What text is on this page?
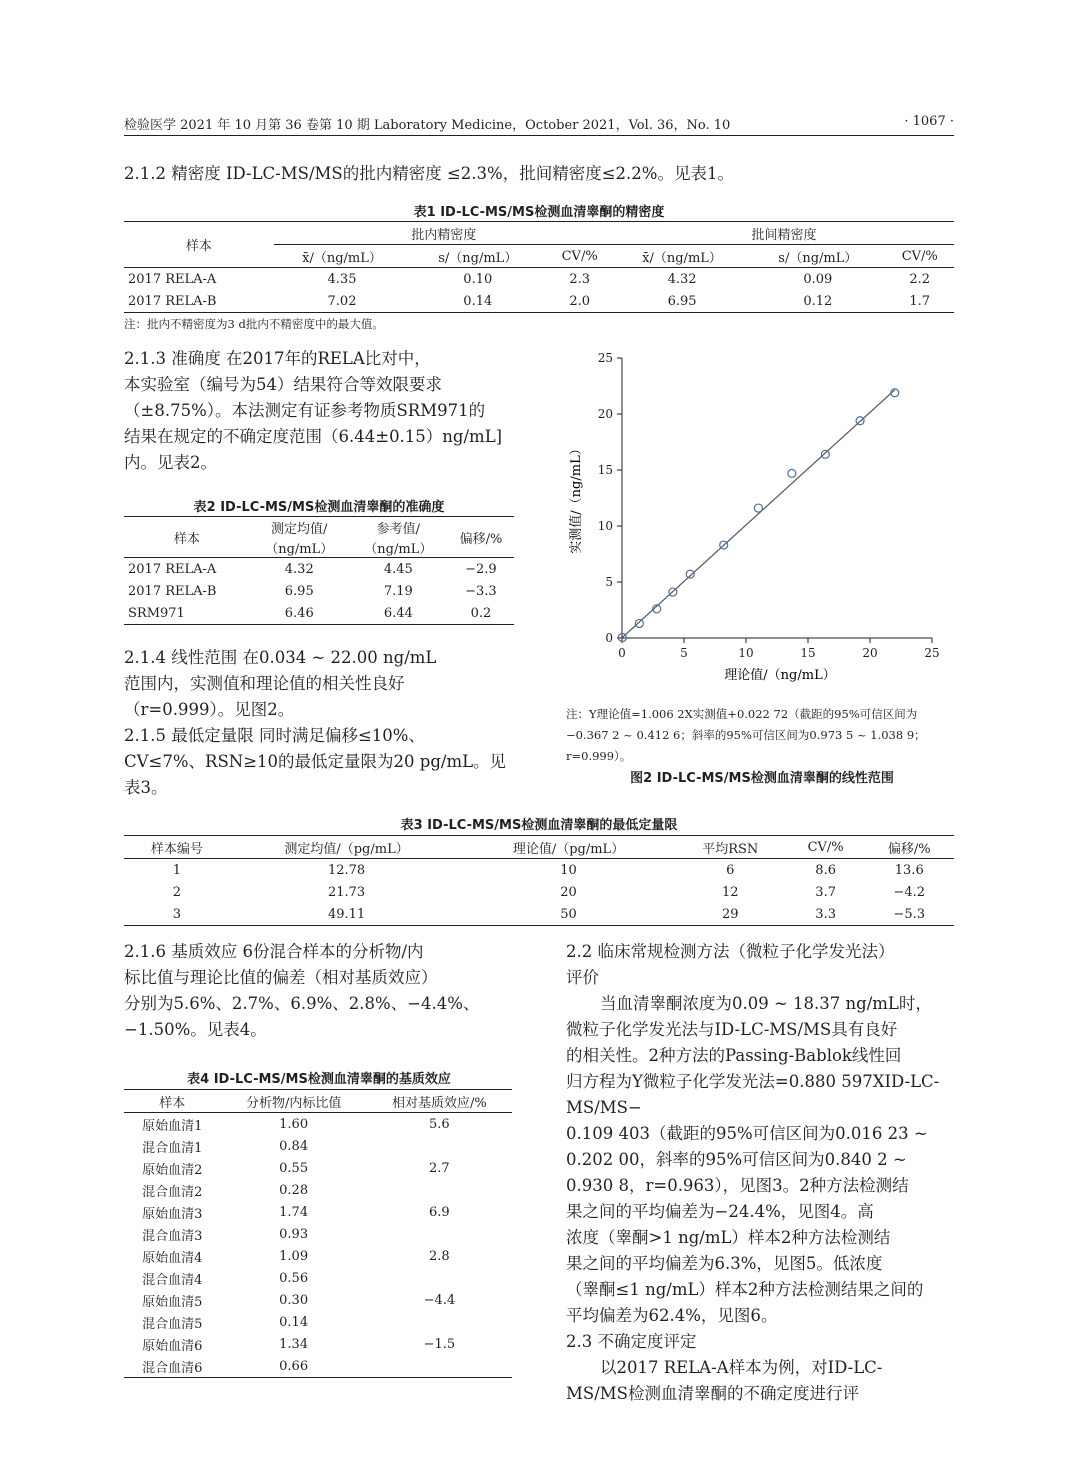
检验医学 2021 年 10 月第 36 卷第 10 期 Laboratory Medicine，October 2021，Vol. 36，No. 10	· 1067 ·
2.1.2 精密度 ID-LC-MS/MS的批内精密度 ≤2.3%，批间精密度≤2.2%。见表1。
表1 ID-LC-MS/MS检测血清睾酮的精密度
样本	批内精密度			批间精密度		
	x̄/（ng/mL）	s/（ng/mL）	CV/%	x̄/（ng/mL）	s/（ng/mL）	CV/%
2017 RELA-A	4.35	0.10	2.3	4.32	0.09	2.2
2017 RELA-B	7.02	0.14	2.0	6.95	0.12	1.7
注：批内不精密度为3 d批内不精密度中的最大值。
2.1.3 准确度 在2017年的RELA比对中，
本实验室（编号为54）结果符合等效限要求
（±8.75%）。本法测定有证参考物质SRM971的
结果在规定的不确定度范围（6.44±0.15）ng/mL]
内。见表2。
表2 ID-LC-MS/MS检测血清睾酮的准确度
样本	测定均值/	参考值/	偏移/%
	（ng/mL）	（ng/mL）	
2017 RELA-A	4.32	4.45	−2.9
2017 RELA-B	6.95	7.19	−3.3
SRM971	6.46	6.44	0.2
2.1.4 线性范围 在0.034 ~ 22.00 ng/mL
范围内，实测值和理论值的相关性良好
（r=0.999）。见图2。
2.1.5 最低定量限 同时满足偏移≤10%、
CV≤7%、RSN≥10的最低定量限为20 pg/mL。见
表3。
0	5	10	15	20	25
0
5
10
15
20
25
理论值/（ng/mL）
实测值/（ng/mL）
注：Y理论值=1.006 2X实测值+0.022 72（截距的95%可信区间为
−0.367 2 ~ 0.412 6；斜率的95%可信区间为0.973 5 ~ 1.038 9；
r=0.999）。
图2 ID-LC-MS/MS检测血清睾酮的线性范围
表3 ID-LC-MS/MS检测血清睾酮的最低定量限
样本编号	测定均值/（pg/mL）	理论值/（pg/mL）	平均RSN	CV/%	偏移/%
1	12.78	10	6	8.6	13.6
2	21.73	20	12	3.7	−4.2
3	49.11	50	29	3.3	−5.3
2.1.6 基质效应 6份混合样本的分析物/内
标比值与理论比值的偏差（相对基质效应）
分别为5.6%、2.7%、6.9%、2.8%、−4.4%、
−1.50%。见表4。
表4 ID-LC-MS/MS检测血清睾酮的基质效应
样本	分析物/内标比值	相对基质效应/%
原始血清1	1.60	5.6
混合血清1	0.84	
原始血清2	0.55	2.7
混合血清2	0.28	
原始血清3	1.74	6.9
混合血清3	0.93	
原始血清4	1.09	2.8
混合血清4	0.56	
原始血清5	0.30	−4.4
混合血清5	0.14	
原始血清6	1.34	−1.5
混合血清6	0.66	
2.2 临床常规检测方法（微粒子化学发光法）
评价
当血清睾酮浓度为0.09 ~ 18.37 ng/mL时，
微粒子化学发光法与ID-LC-MS/MS具有良好
的相关性。2种方法的Passing-Bablok线性回
归方程为Y微粒子化学发光法=0.880 597XID-LC-MS/MS−
0.109 403（截距的95%可信区间为0.016 23 ~
0.202 00，斜率的95%可信区间为0.840 2 ~
0.930 8，r=0.963），见图3。2种方法检测结
果之间的平均偏差为−24.4%，见图4。高
浓度（睾酮>1 ng/mL）样本2种方法检测结
果之间的平均偏差为6.3%，见图5。低浓度
（睾酮≤1 ng/mL）样本2种方法检测结果之间的
平均偏差为62.4%，见图6。
2.3 不确定度评定
以2017 RELA-A样本为例，对ID-LC-
MS/MS检测血清睾酮的不确定度进行评
